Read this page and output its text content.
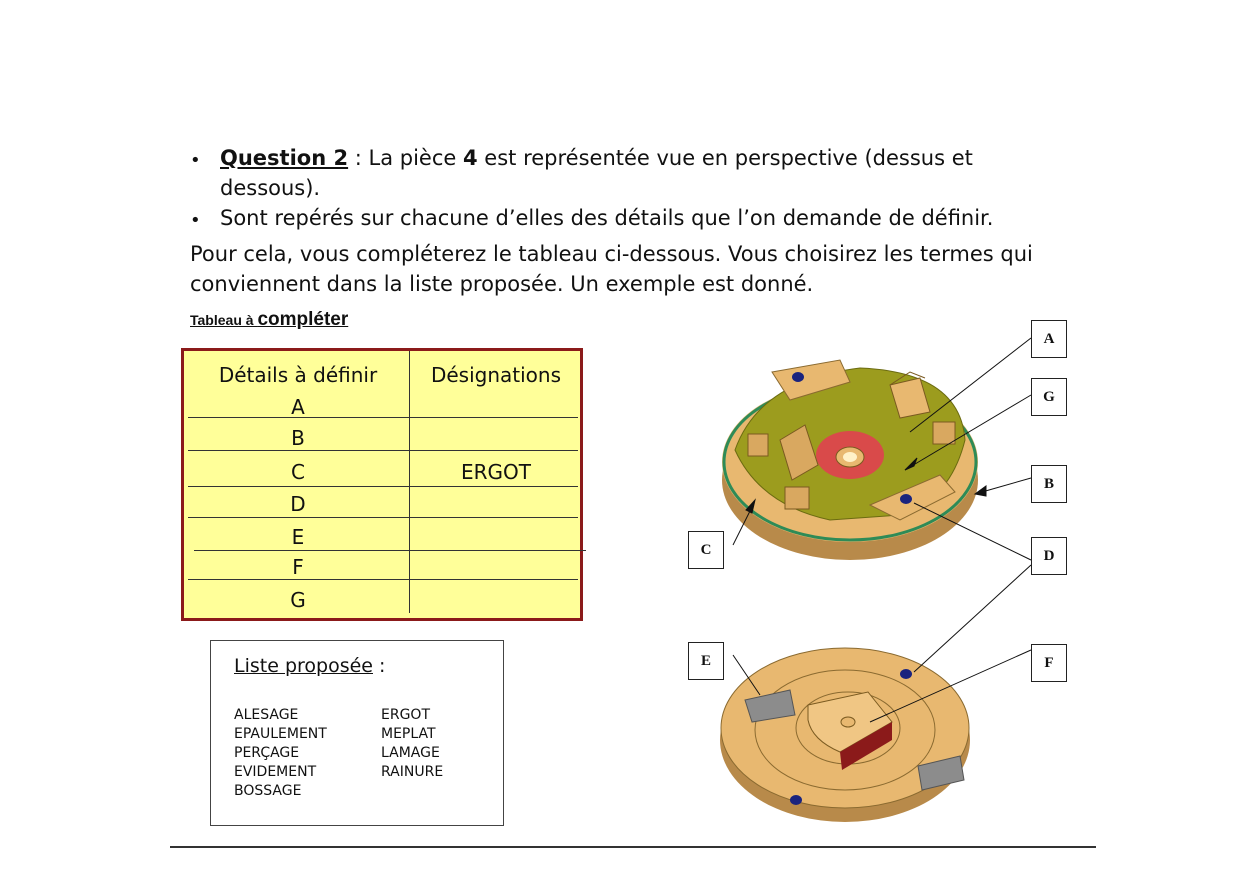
• Question 2 : La pièce 4 est représentée vue en perspective (dessus et
dessous).
• Sont repérés sur chacune d’elles des détails que l’on demande de définir.
Pour cela, vous compléterez le tableau ci-dessous. Vous choisirez les termes qui
conviennent dans la liste proposée. Un exemple est donné.
Tableau à compléter
Détails à définir	Désignations
A
B
C	ERGOT
D
E
F
G
Liste proposée :
ALESAGE
EPAULEMENT
PERÇAGE
EVIDEMENT
BOSSAGE
ERGOT
MEPLAT
LAMAGE
RAINURE
A
G
B
C	D
E	F
